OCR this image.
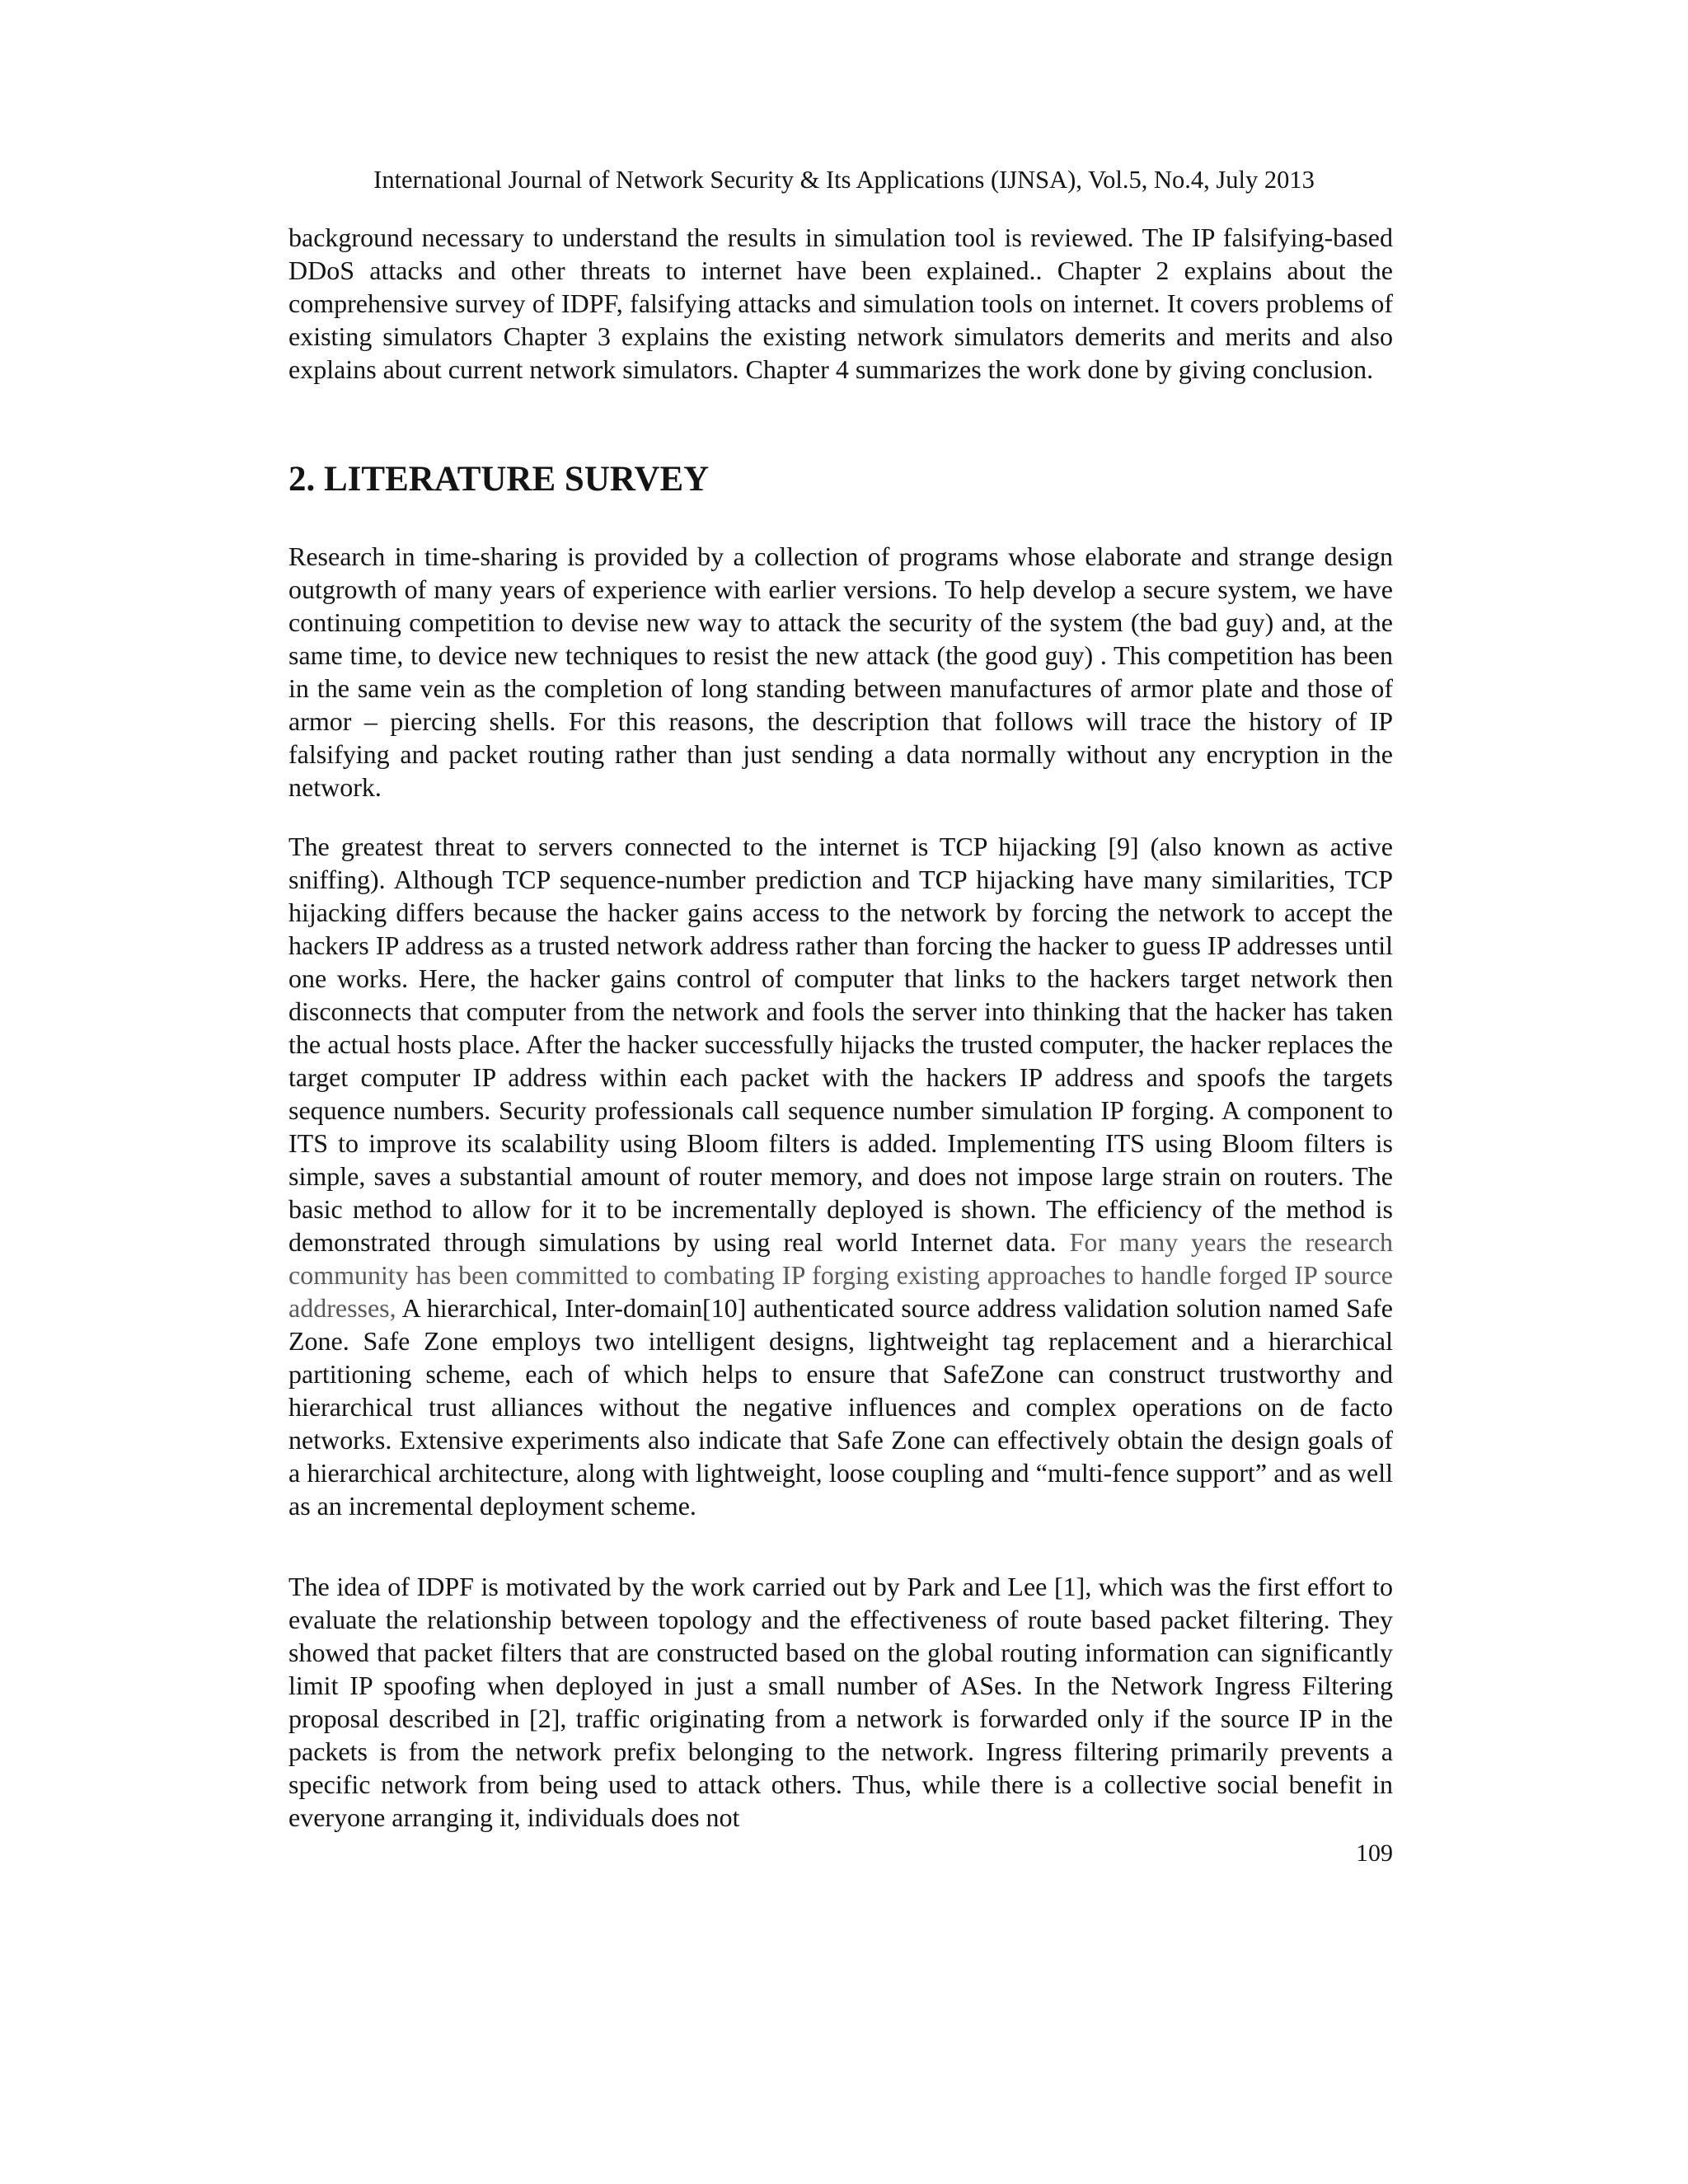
International Journal of Network Security & Its Applications (IJNSA), Vol.5, No.4, July 2013

background necessary to understand the results in simulation tool is reviewed. The IP falsifying-based DDoS attacks and other threats to internet have been explained.. Chapter 2 explains about the comprehensive survey of IDPF, falsifying attacks and simulation tools on internet. It covers problems of existing simulators Chapter 3 explains the existing network simulators demerits and merits and also explains about current network simulators. Chapter 4 summarizes the work done by giving conclusion.

2. LITERATURE SURVEY

Research in time-sharing is provided by a collection of programs whose elaborate and strange design outgrowth of many years of experience with earlier versions. To help develop a secure system, we have continuing competition to devise new way to attack the security of the system (the bad guy) and, at the same time, to device new techniques to resist the new attack (the good guy) . This competition has been in the same vein as the completion of long standing between manufactures of armor plate and those of armor – piercing shells. For this reasons, the description that follows will trace the history of IP falsifying and packet routing rather than just sending a data normally without any encryption in the network.

The greatest threat to servers connected to the internet is TCP hijacking [9] (also known as active sniffing). Although TCP sequence-number prediction and TCP hijacking have many similarities, TCP hijacking differs because the hacker gains access to the network by forcing the network to accept the hackers IP address as a trusted network address rather than forcing the hacker to guess IP addresses until one works. Here, the hacker gains control of computer that links to the hackers target network then disconnects that computer from the network and fools the server into thinking that the hacker has taken the actual hosts place. After the hacker successfully hijacks the trusted computer, the hacker replaces the target computer IP address within each packet with the hackers IP address and spoofs the targets sequence numbers. Security professionals call sequence number simulation IP forging. A component to ITS to improve its scalability using Bloom filters is added. Implementing ITS using Bloom filters is simple, saves a substantial amount of router memory, and does not impose large strain on routers. The basic method to allow for it to be incrementally deployed is shown. The efficiency of the method is demonstrated through simulations by using real world Internet data. For many years the research community has been committed to combating IP forging existing approaches to handle forged IP source addresses, A hierarchical, Inter-domain[10] authenticated source address validation solution named Safe Zone. Safe Zone employs two intelligent designs, lightweight tag replacement and a hierarchical partitioning scheme, each of which helps to ensure that SafeZone can construct trustworthy and hierarchical trust alliances without the negative influences and complex operations on de facto networks. Extensive experiments also indicate that Safe Zone can effectively obtain the design goals of a hierarchical architecture, along with lightweight, loose coupling and “multi-fence support” and as well as an incremental deployment scheme.

The idea of IDPF is motivated by the work carried out by Park and Lee [1], which was the first effort to evaluate the relationship between topology and the effectiveness of route based packet filtering. They showed that packet filters that are constructed based on the global routing information can significantly limit IP spoofing when deployed in just a small number of ASes. In the Network Ingress Filtering proposal described in [2], traffic originating from a network is forwarded only if the source IP in the packets is from the network prefix belonging to the network. Ingress filtering primarily prevents a specific network from being used to attack others. Thus, while there is a collective social benefit in everyone arranging it, individuals does not

109
